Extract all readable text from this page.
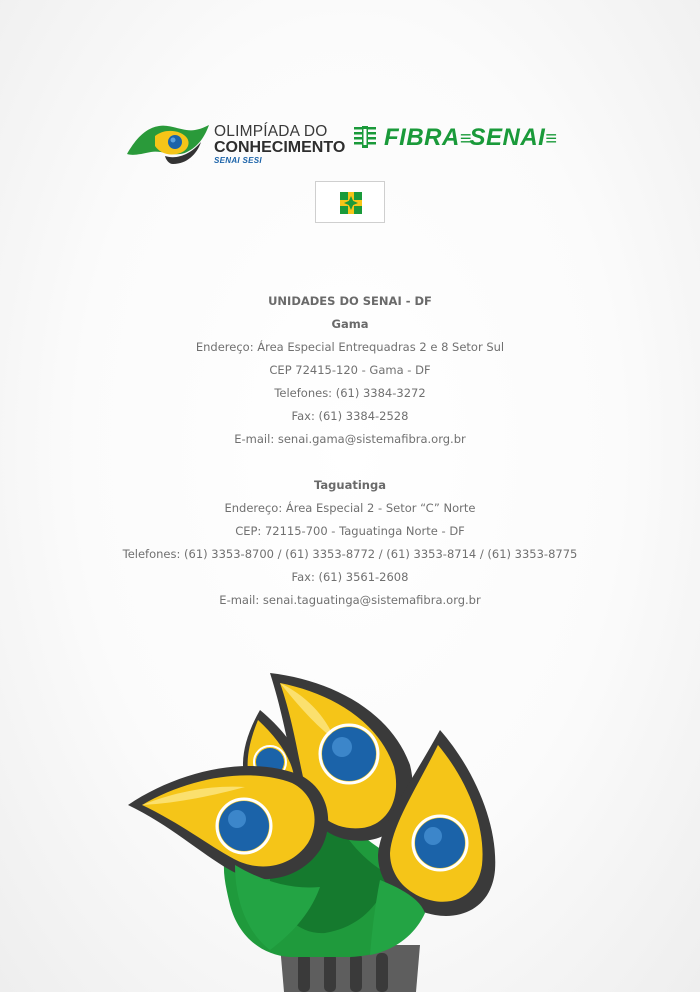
OLIMPÍADA DO
CONHECIMENTO
SENAI SESI
FIBRA≡SENAI≡
UNIDADES DO SENAI - DF
Gama
Endereço: Área Especial Entrequadras 2 e 8 Setor Sul
CEP 72415-120 - Gama - DF
Telefones: (61) 3384-3272
Fax: (61) 3384-2528
E-mail: senai.gama@sistemafibra.org.br
Taguatinga
Endereço: Área Especial 2 - Setor “C” Norte
CEP: 72115-700 - Taguatinga Norte - DF
Telefones: (61) 3353-8700 / (61) 3353-8772 / (61) 3353-8714 / (61) 3353-8775
Fax: (61) 3561-2608
E-mail: senai.taguatinga@sistemafibra.org.br
